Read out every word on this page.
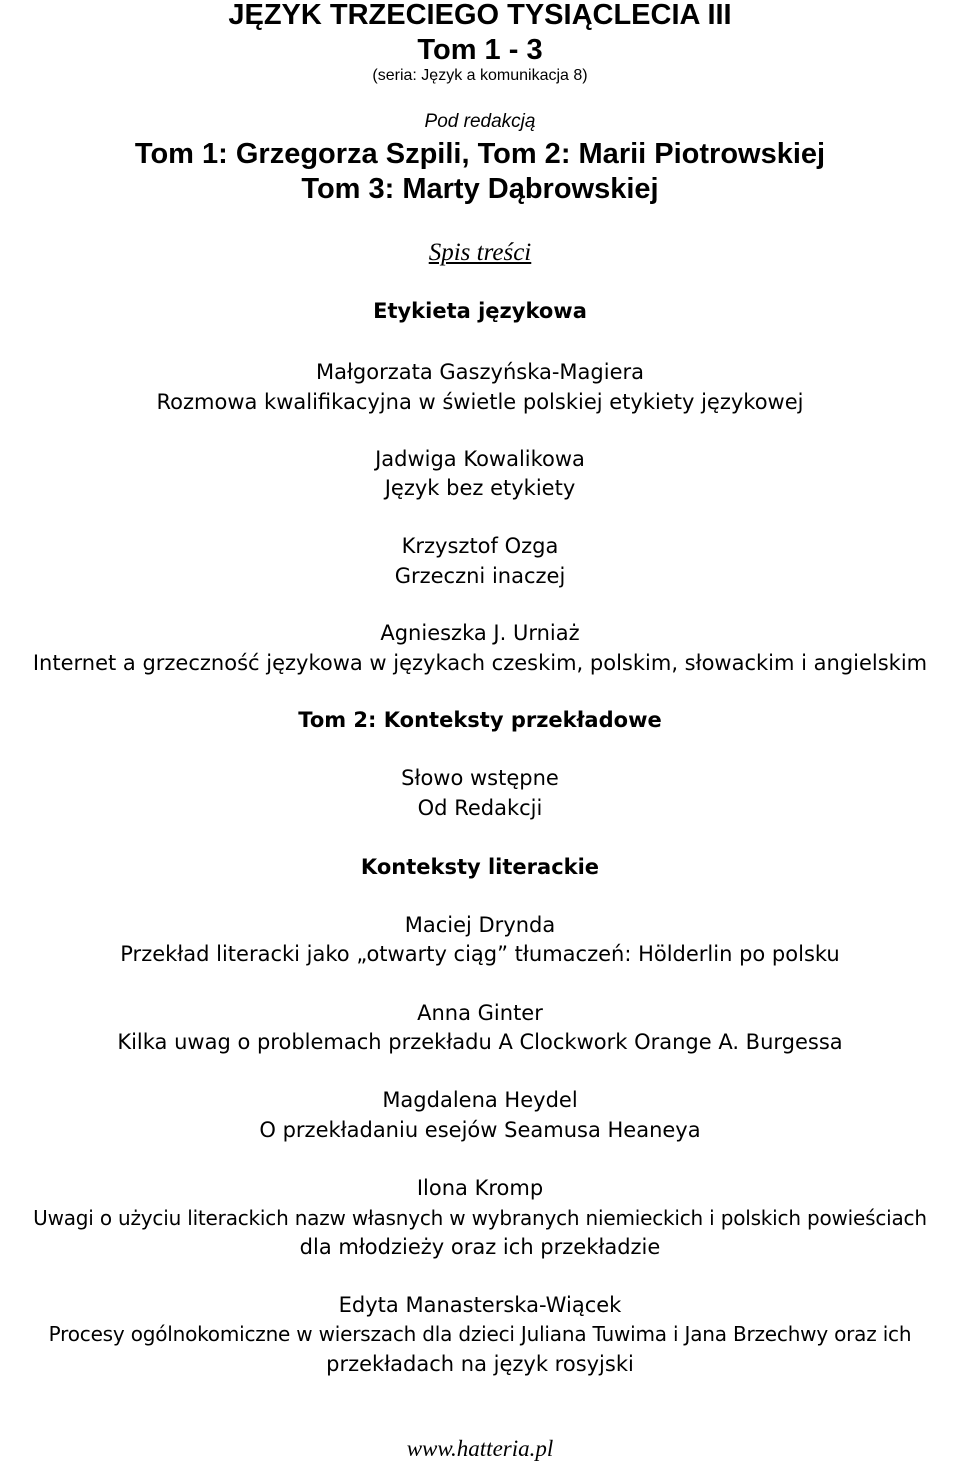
JĘZYK TRZECIEGO TYSIĄCLECIA III
Tom 1 - 3
(seria: Język a komunikacja 8)
Pod redakcją
Tom 1: Grzegorza Szpili, Tom 2: Marii Piotrowskiej
Tom 3: Marty Dąbrowskiej
Spis treści
Etykieta językowa
Małgorzata Gaszyńska-Magiera
Rozmowa kwalifikacyjna w świetle polskiej etykiety językowej
Jadwiga Kowalikowa
Język bez etykiety
Krzysztof Ozga
Grzeczni inaczej
Agnieszka J. Urniaż
Internet a grzeczność językowa w językach czeskim, polskim, słowackim i angielskim
Tom 2: Konteksty przekładowe
Słowo wstępne
Od Redakcji
Konteksty literackie
Maciej Drynda
Przekład literacki jako „otwarty ciąg” tłumaczeń: Hölderlin po polsku
Anna Ginter
Kilka uwag o problemach przekładu A Clockwork Orange A. Burgessa
Magdalena Heydel
O przekładaniu esejów Seamusa Heaneya
Ilona Kromp
Uwagi o użyciu literackich nazw własnych w wybranych niemieckich i polskich powieściach
dla młodzieży oraz ich przekładzie
Edyta Manasterska-Wiącek
Procesy ogólnokomiczne w wierszach dla dzieci Juliana Tuwima i Jana Brzechwy oraz ich
przekładach na język rosyjski
www.hatteria.pl
